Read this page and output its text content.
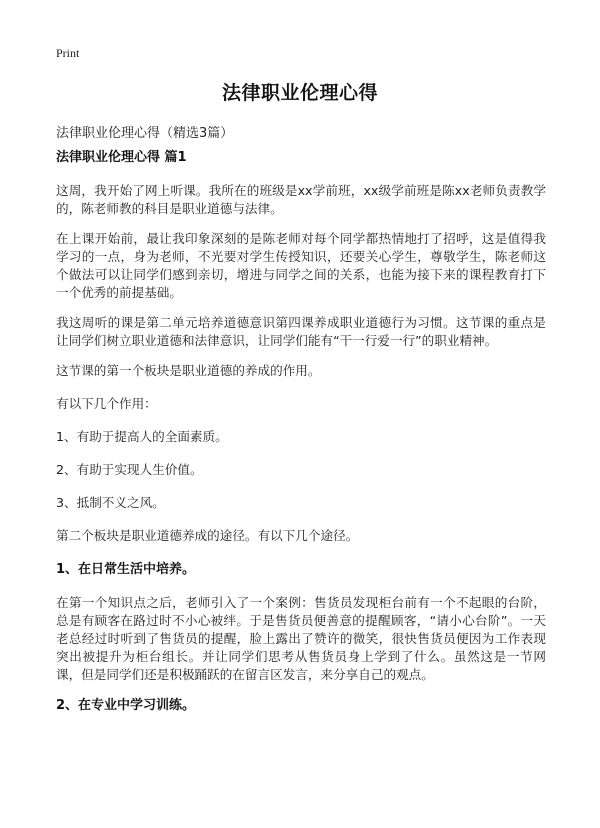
Print
法律职业伦理心得

法律职业伦理心得（精选3篇）

法律职业伦理心得 篇1

这周，我开始了网上听课。我所在的班级是xx学前班，xx级学前班是陈xx老师负责教学的，陈老师教的科目是职业道德与法律。

在上课开始前，最让我印象深刻的是陈老师对每个同学都热情地打了招呼，这是值得我学习的一点，身为老师，不光要对学生传授知识，还要关心学生，尊敬学生，陈老师这个做法可以让同学们感到亲切，增进与同学之间的关系，也能为接下来的课程教育打下一个优秀的前提基础。

我这周听的课是第二单元培养道德意识第四课养成职业道德行为习惯。这节课的重点是让同学们树立职业道德和法律意识，让同学们能有“干一行爱一行”的职业精神。

这节课的第一个板块是职业道德的养成的作用。

有以下几个作用：

1、有助于提高人的全面素质。

2、有助于实现人生价值。

3、抵制不义之风。

第二个板块是职业道德养成的途径。有以下几个途径。

1、在日常生活中培养。

在第一个知识点之后，老师引入了一个案例：售货员发现柜台前有一个不起眼的台阶，总是有顾客在路过时不小心被绊。于是售货员便善意的提醒顾客，“请小心台阶”。一天老总经过时听到了售货员的提醒，脸上露出了赞许的微笑，很快售货员便因为工作表现突出被提升为柜台组长。并让同学们思考从售货员身上学到了什么。虽然这是一节网课，但是同学们还是积极踊跃的在留言区发言，来分享自己的观点。

2、在专业中学习训练。
